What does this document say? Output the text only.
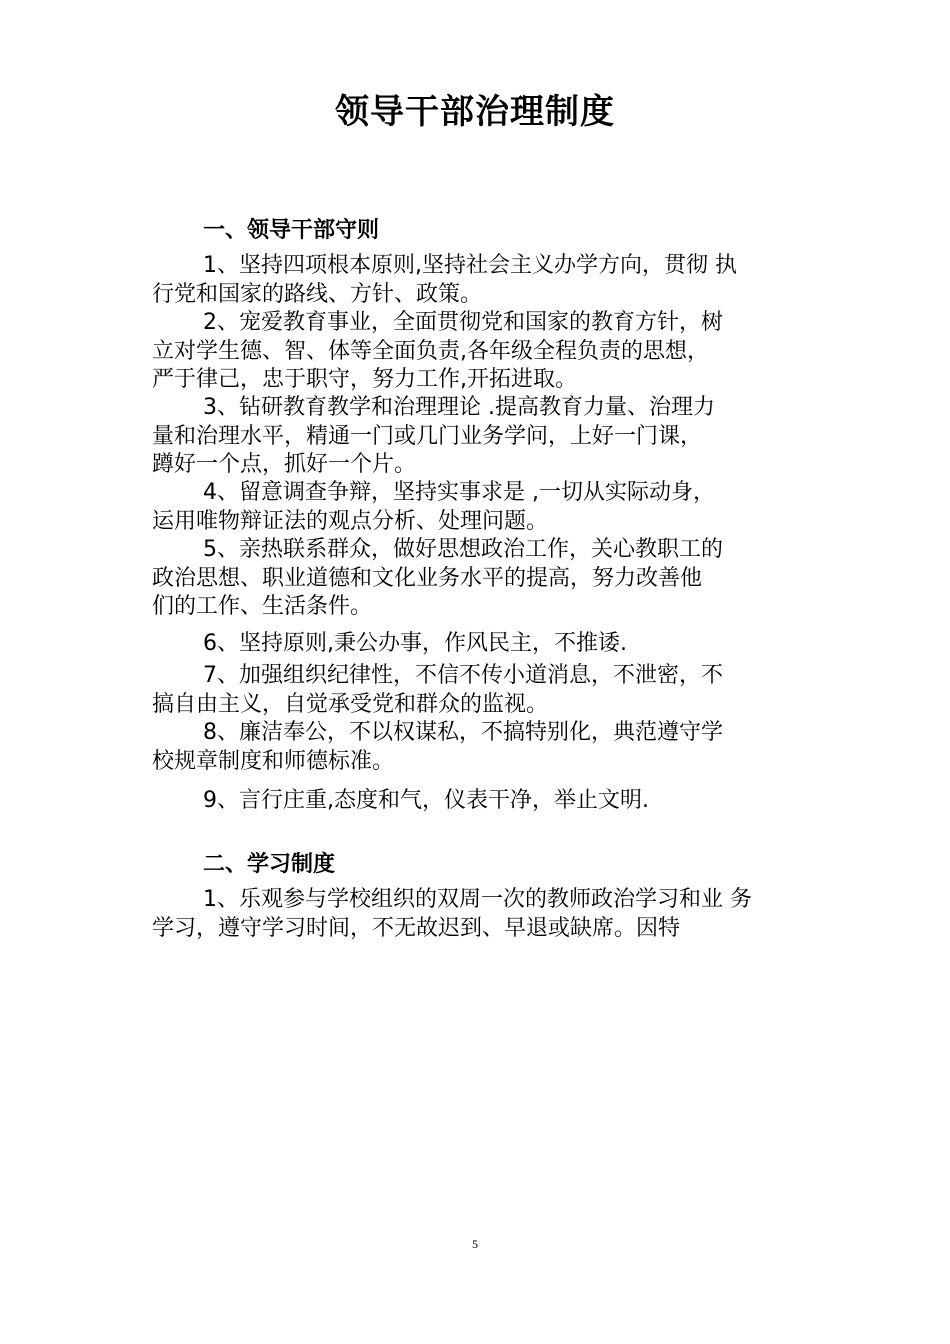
领导干部治理制度
一、领导干部守则
1、坚持四项根本原则,坚持社会主义办学方向，贯彻 执
行党和国家的路线、方针、政策。
2、宠爱教育事业，全面贯彻党和国家的教育方针，树
立对学生德、智、体等全面负责,各年级全程负责的思想，
严于律己，忠于职守，努力工作,开拓进取。
3、钻研教育教学和治理理论 .提高教育力量、治理力
量和治理水平，精通一门或几门业务学问，上好一门课，
蹲好一个点，抓好一个片。
4、留意调查争辩，坚持实事求是 ,一切从实际动身，
运用唯物辩证法的观点分析、处理问题。
5、亲热联系群众，做好思想政治工作，关心教职工的
政治思想、职业道德和文化业务水平的提高，努力改善他
们的工作、生活条件。
6、坚持原则,秉公办事，作风民主，不推诿.
7、加强组织纪律性，不信不传小道消息，不泄密，不
搞自由主义，自觉承受党和群众的监视。
8、廉洁奉公，不以权谋私，不搞特别化，典范遵守学
校规章制度和师德标准。
9、言行庄重,态度和气，仪表干净，举止文明.
二、学习制度
1、乐观参与学校组织的双周一次的教师政治学习和业 务
学习，遵守学习时间，不无故迟到、早退或缺席。因特
5
